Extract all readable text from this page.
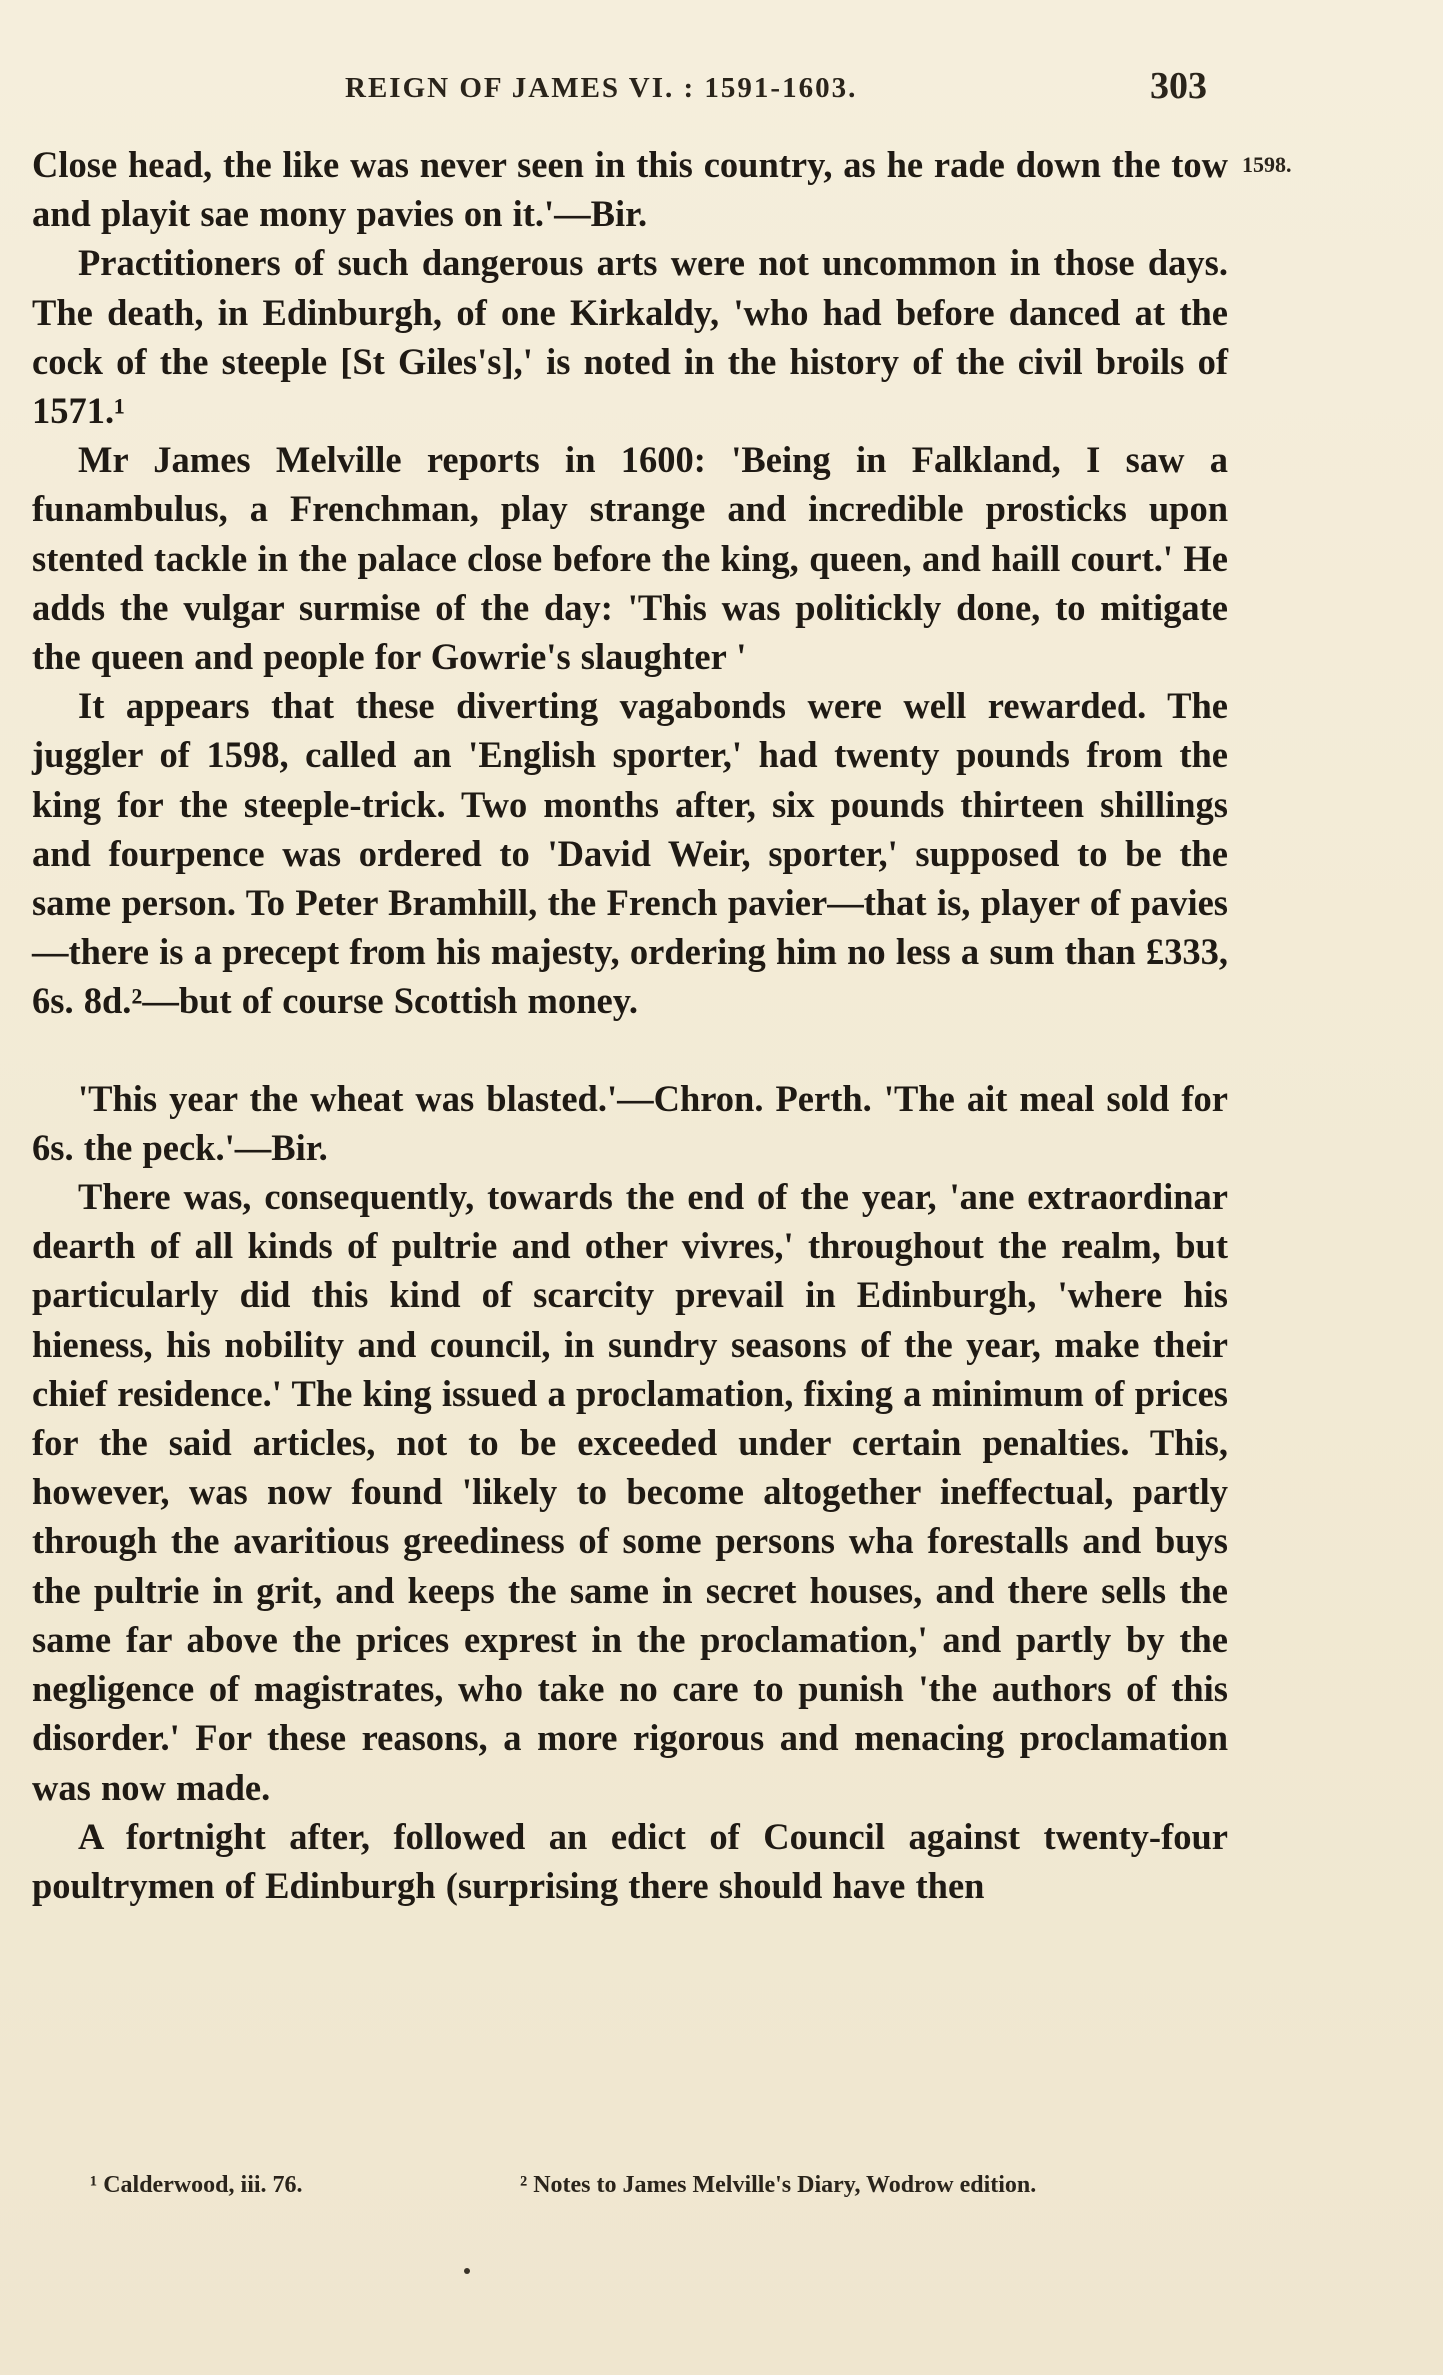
REIGN OF JAMES VI. : 1591-1603.	303
1598.

Close head, the like was never seen in this country, as he rade down the tow and playit sae mony pavies on it.'—Bir.

Practitioners of such dangerous arts were not uncommon in those days. The death, in Edinburgh, of one Kirkaldy, 'who had before danced at the cock of the steeple [St Giles's],' is noted in the history of the civil broils of 1571.¹

Mr James Melville reports in 1600: 'Being in Falkland, I saw a funambulus, a Frenchman, play strange and incredible prosticks upon stented tackle in the palace close before the king, queen, and haill court.' He adds the vulgar surmise of the day: 'This was politickly done, to mitigate the queen and people for Gowrie's slaughter '

It appears that these diverting vagabonds were well rewarded. The juggler of 1598, called an 'English sporter,' had twenty pounds from the king for the steeple-trick. Two months after, six pounds thirteen shillings and fourpence was ordered to 'David Weir, sporter,' supposed to be the same person. To Peter Bramhill, the French pavier—that is, player of pavies—there is a precept from his majesty, ordering him no less a sum than £333, 6s. 8d.²—but of course Scottish money.

'This year the wheat was blasted.'—Chron. Perth. 'The ait meal sold for 6s. the peck.'—Bir.

There was, consequently, towards the end of the year, 'ane extraordinar dearth of all kinds of pultrie and other vivres,' throughout the realm, but particularly did this kind of scarcity prevail in Edinburgh, 'where his hieness, his nobility and council, in sundry seasons of the year, make their chief residence.' The king issued a proclamation, fixing a minimum of prices for the said articles, not to be exceeded under certain penalties. This, however, was now found 'likely to become altogether ineffectual, partly through the avaritious greediness of some persons wha forestalls and buys the pultrie in grit, and keeps the same in secret houses, and there sells the same far above the prices exprest in the proclamation,' and partly by the negligence of magistrates, who take no care to punish 'the authors of this disorder.' For these reasons, a more rigorous and menacing proclamation was now made.

A fortnight after, followed an edict of Council against twenty-four poultrymen of Edinburgh (surprising there should have then

¹ Calderwood, iii. 76.	² Notes to James Melville's Diary, Wodrow edition.
